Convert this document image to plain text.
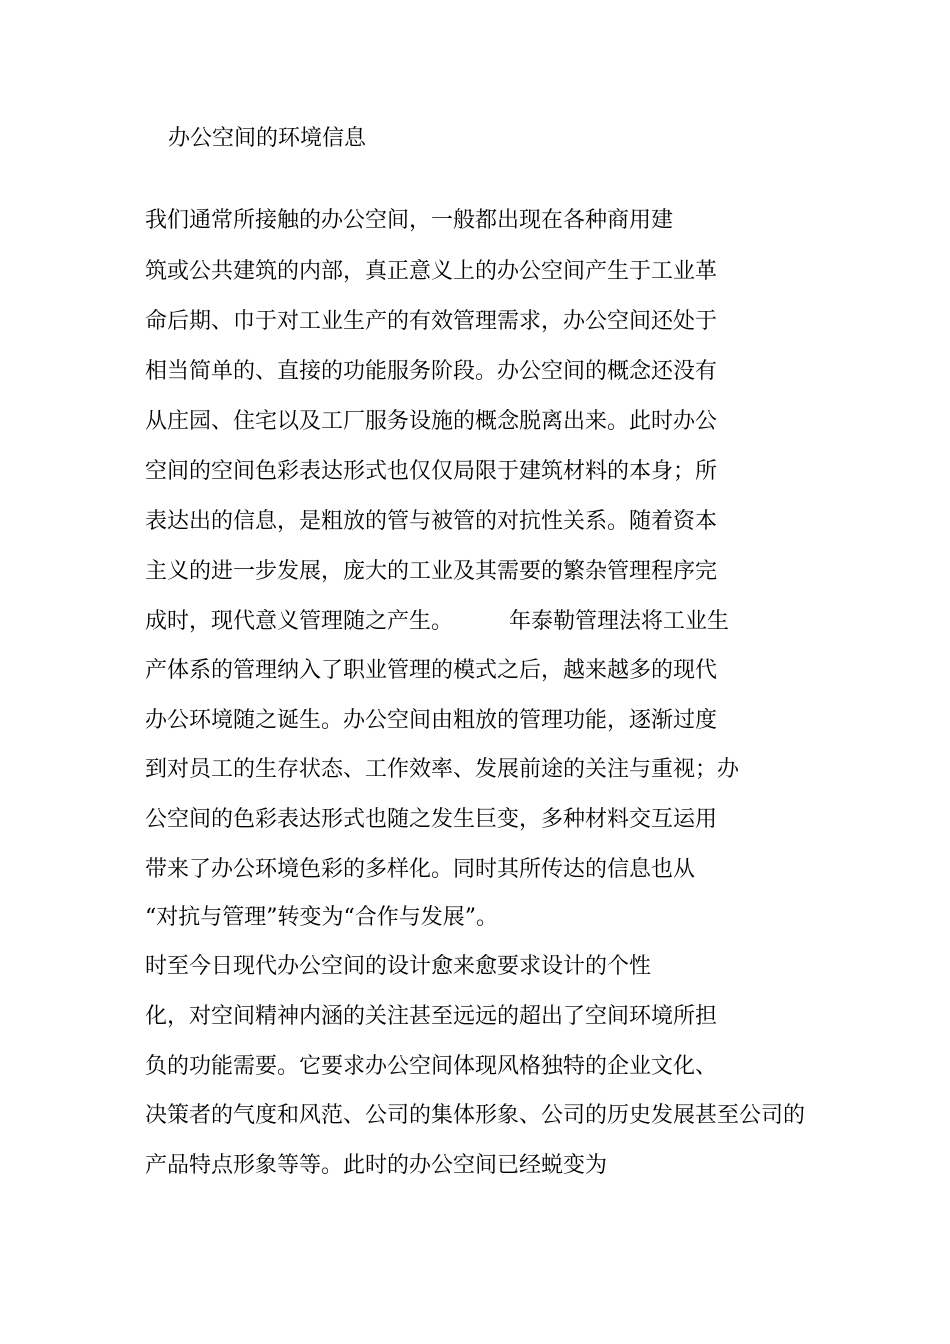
办公空间的环境信息

我们通常所接触的办公空间，一般都出现在各种商用建

筑或公共建筑的内部，真正意义上的办公空间产生于工业革

命后期、巾于对工业生产的有效管理需求，办公空间还处于

相当简单的、直接的功能服务阶段。办公空间的概念还没有

从庄园、住宅以及工厂服务设施的概念脱离出来。此时办公

空间的空间色彩表达形式也仅仅局限于建筑材料的本身；所

表达出的信息，是粗放的管与被管的对抗性关系。随着资本

主义的进一步发展，庞大的工业及其需要的繁杂管理程序完

成时，现代意义管理随之产生。	年泰勒管理法将工业生

产体系的管理纳入了职业管理的模式之后，越来越多的现代

办公环境随之诞生。办公空间由粗放的管理功能，逐渐过度

到对员工的生存状态、工作效率、发展前途的关注与重视；办

公空间的色彩表达形式也随之发生巨变，多种材料交互运用

带来了办公环境色彩的多样化。同时其所传达的信息也从

“对抗与管理”转变为“合作与发展”。

时至今日现代办公空间的设计愈来愈要求设计的个性

化，对空间精神内涵的关注甚至远远的超出了空间环境所担

负的功能需要。它要求办公空间体现风格独特的企业文化、

决策者的气度和风范、公司的集体形象、公司的历史发展甚至公司的

产品特点形象等等。此时的办公空间已经蜕变为
